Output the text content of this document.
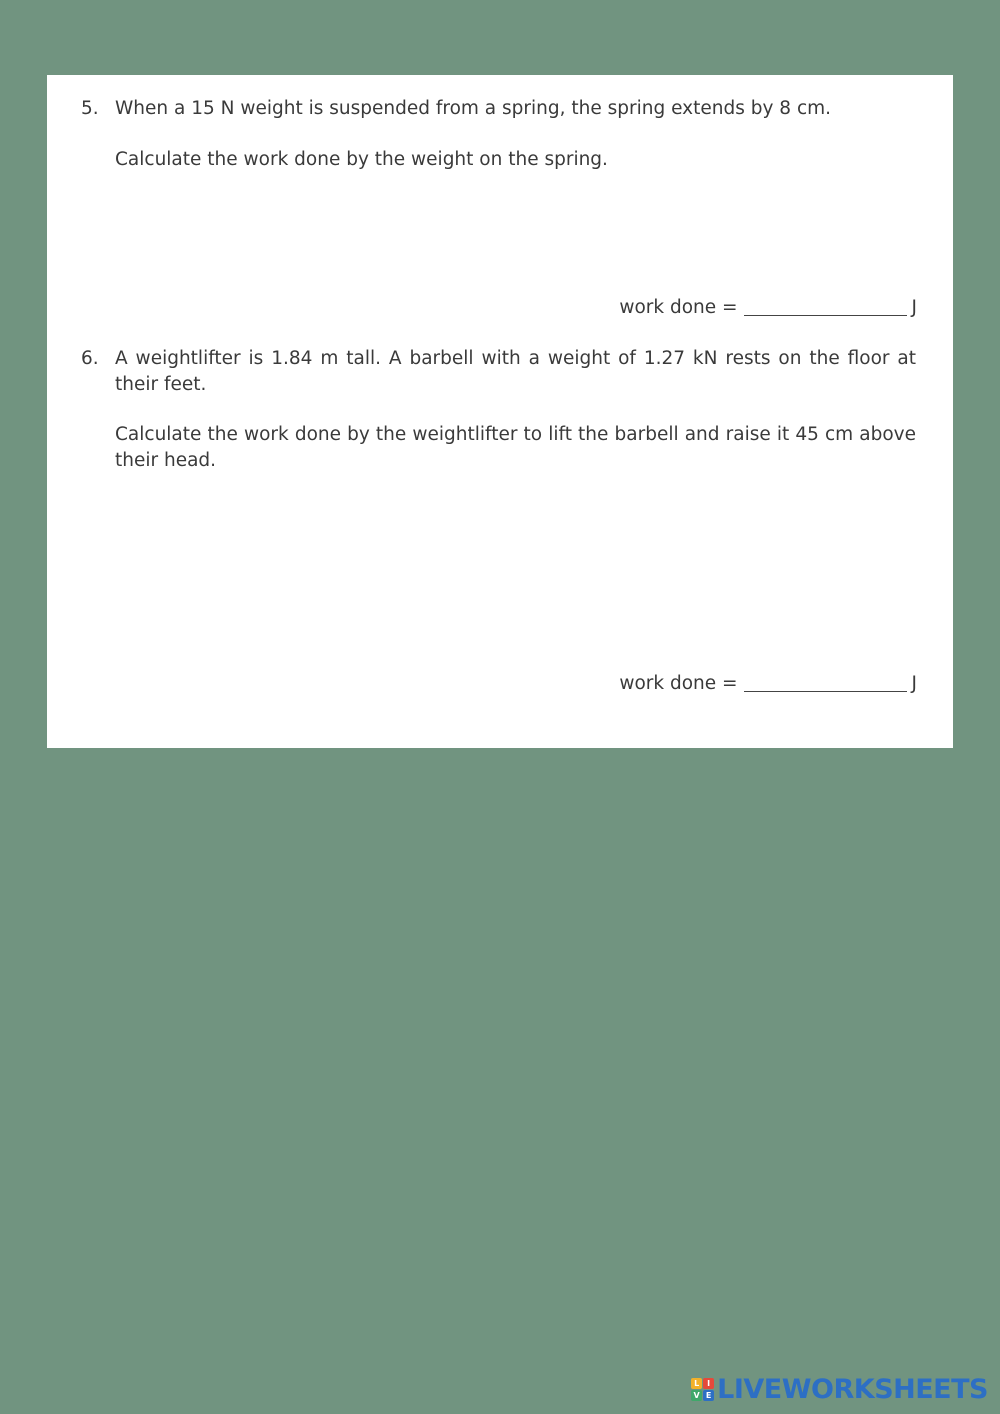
5. When a 15 N weight is suspended from a spring, the spring extends by 8 cm.

Calculate the work done by the weight on the spring.

work done =	J
6. A weightlifter is 1.84 m tall. A barbell with a weight of 1.27 kN rests on the floor at their feet.

Calculate the work done by the weightlifter to lift the barbell and raise it 45 cm above their head.

work done =	J
L I
V E LIVEWORKSHEETS
